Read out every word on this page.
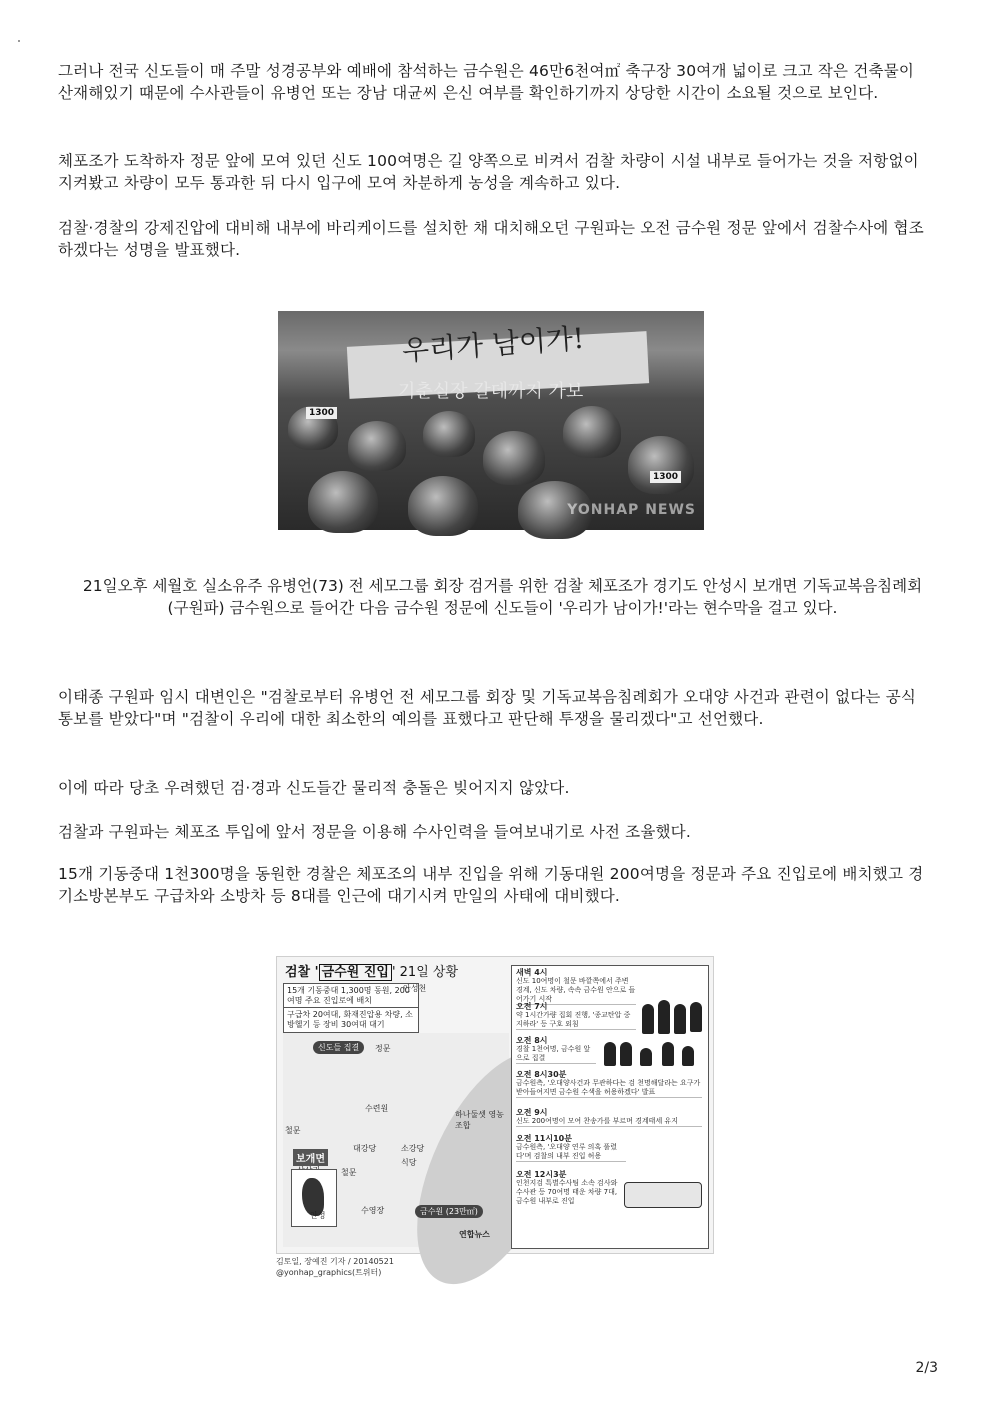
그러나 전국 신도들이 매 주말 성경공부와 예배에 참석하는 금수원은 46만6천여㎡ 축구장 30여개 넓이로 크고 작은 건축물이 산재해있기 때문에 수사관들이 유병언 또는 장남 대균씨 은신 여부를 확인하기까지 상당한 시간이 소요될 것으로 보인다.

체포조가 도착하자 정문 앞에 모여 있던 신도 100여명은 길 양쪽으로 비켜서 검찰 차량이 시설 내부로 들어가는 것을 저항없이 지켜봤고 차량이 모두 통과한 뒤 다시 입구에 모여 차분하게 농성을 계속하고 있다.

검찰·경찰의 강제진압에 대비해 내부에 바리케이드를 설치한 채 대치해오던 구원파는 오전 금수원 정문 앞에서 검찰수사에 협조하겠다는 성명을 발표했다.

우리가 남이가!
기춘실장 갈데까지 가보
1300
1300
YONHAP NEWS

21일오후 세월호 실소유주 유병언(73) 전 세모그룹 회장 검거를 위한 검찰 체포조가 경기도 안성시 보개면 기독교복음침례회(구원파) 금수원으로 들어간 다음 금수원 정문에 신도들이 '우리가 남이가!'라는 현수막을 걸고 있다.

이태종 구원파 임시 대변인은 "검찰로부터 유병언 전 세모그룹 회장 및 기독교복음침례회가 오대양 사건과 관련이 없다는 공식 통보를 받았다"며 "검찰이 우리에 대한 최소한의 예의를 표했다고 판단해 투쟁을 물리겠다"고 선언했다.

이에 따라 당초 우려했던 검·경과 신도들간 물리적 충돌은 빚어지지 않았다.

검찰과 구원파는 체포조 투입에 앞서 정문을 이용해 수사인력을 들여보내기로 사전 조율했다.

15개 기동중대 1천300명을 동원한 경찰은 체포조의 내부 진입을 위해 기동대원 200여명을 정문과 주요 진입로에 배치했고 경기소방본부도 구급차와 소방차 등 8대를 인근에 대기시켜 만일의 사태에 대비했다.

검찰 ' 금수원 진입 ' 21일 상황
15개 기동중대 1,300명 동원, 200여명 주요 진입로에 배치
구급차 20여대, 화재진압용 차량, 소방헬기 등 장비 30여대 대기
안성천
신도들 집결	정문
수련원
하나둘셋 영농조합
대강당	소강당
식당
보개면
철문
철문
수영장	금수원 (23만㎡)
안성
연합뉴스
새벽 4시
신도 10여명이 철문 바깥쪽에서 주변 경계, 신도 차량, 속속 금수원 안으로 들어가기 시작
오전 7시
약 1시간가량 집회 진행, '종교탄압 중지하라' 등 구호 외침
오전 8시
경찰 1천여명, 금수원 앞으로 집결
오전 8시30분
금수원측, '오대양사건과 무관하다는 검 천명해달라는 요구가 받아들여지면 금수원 수색을 허용하겠다' 발표
오전 9시
신도 200여명이 모여 찬송가를 부르며 경계태세 유지
오전 11시10분
금수원측, '오대양 연루 의혹 풀렸다'며 검찰의 내부 진입 허용
오전 12시3분
인천지검 특별수사팀 소속 검사와 수사관 등 70여명 태운 차량 7대, 금수원 내부로 진입
김토일, 장예진 기자 / 20140521
@yonhap_graphics(트위터)
2/3
